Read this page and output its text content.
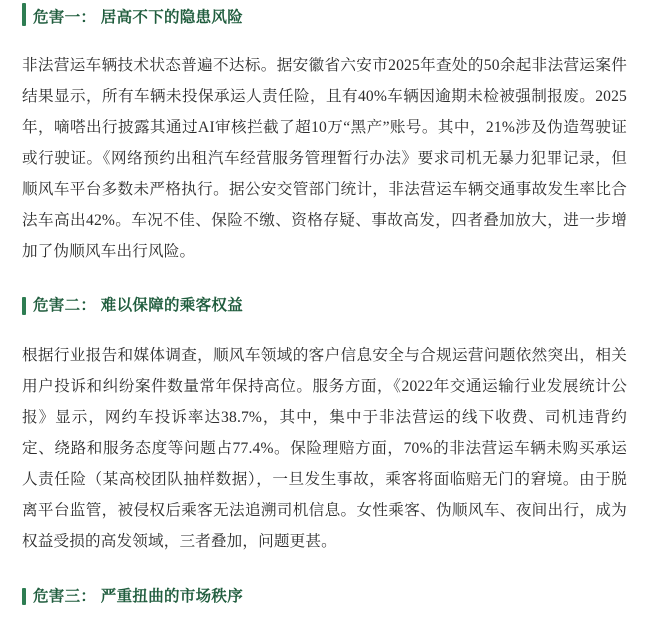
危害一： 居高不下的隐患风险
非法营运车辆技术状态普遍不达标。据安徽省六安市2025年查处的50余起非法营运案件结果显示，所有车辆未投保承运人责任险，且有40%车辆因逾期未检被强制报废。2025年，嘀嗒出行披露其通过AI审核拦截了超10万“黑产”账号。其中，21%涉及伪造驾驶证或行驶证。《网络预约出租汽车经营服务管理暂行办法》要求司机无暴力犯罪记录，但顺风车平台多数未严格执行。据公安交管部门统计，非法营运车辆交通事故发生率比合法车高出42%。车况不佳、保险不缴、资格存疑、事故高发，四者叠加放大，进一步增加了伪顺风车出行风险。
危害二： 难以保障的乘客权益
根据行业报告和媒体调查，顺风车领域的客户信息安全与合规运营问题依然突出，相关用户投诉和纠纷案件数量常年保持高位。服务方面，《2022年交通运输行业发展统计公报》显示，网约车投诉率达38.7%，其中，集中于非法营运的线下收费、司机违背约定、绕路和服务态度等问题占77.4%。保险理赔方面，70%的非法营运车辆未购买承运人责任险（某高校团队抽样数据），一旦发生事故，乘客将面临赔无门的窘境。由于脱离平台监管，被侵权后乘客无法追溯司机信息。女性乘客、伪顺风车、夜间出行，成为权益受损的高发领域，三者叠加，问题更甚。
危害三： 严重扭曲的市场秩序
